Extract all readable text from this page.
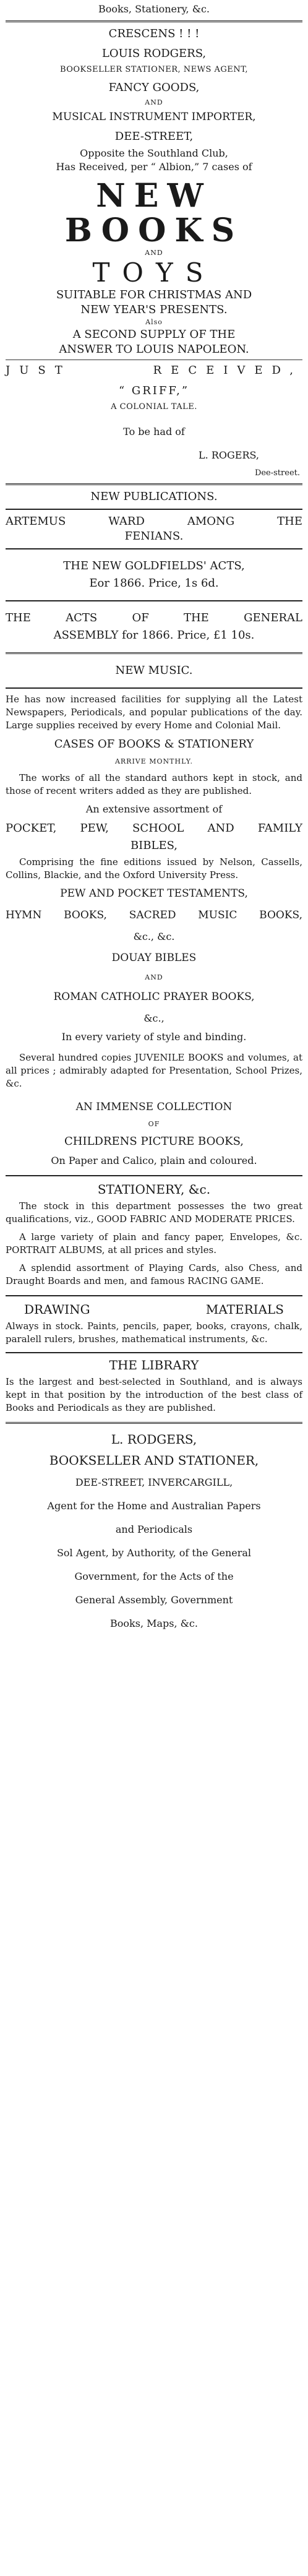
Books, Stationery, &c.
CRESCENS ! ! !
LOUIS RODGERS,
BOOKSELLER STATIONER, NEWS AGENT,
FANCY GOODS,
AND
MUSICAL INSTRUMENT IMPORTER,
DEE-STREET,
Opposite the Southland Club,
Has Received, per “ Albion,” 7 cases of
NEW BOOKS
AND
TOYS
SUITABLE FOR CHRISTMAS AND
NEW YEAR'S PRESENTS.
Also
A SECOND SUPPLY OF THE
ANSWER TO LOUIS NAPOLEON.
JUST RECEIVED,
“ GRIFF,”
A COLONIAL TALE.
To be had of
L. ROGERS,
Dee-street.
NEW PUBLICATIONS.
ARTEMUS WARD AMONG THE
FENIANS.
THE NEW GOLDFIELDS' ACTS,
Eor 1866. Price, 1s 6d.
THE ACTS OF THE GENERAL
ASSEMBLY for 1866. Price, £1 10s.
NEW MUSIC.

He has now increased facilities for supplying all the Latest Newspapers, Periodicals, and popular publications of the day. Large supplies received by every Home and Colonial Mail.

CASES OF BOOKS & STATIONERY
ARRIVE MONTHLY.

The works of all the standard authors kept in stock, and those of recent writers added as they are published.

An extensive assortment of
POCKET, PEW, SCHOOL AND FAMILY
BIBLES,

Comprising the fine editions issued by Nelson, Cassells, Collins, Blackie, and the Oxford University Press.

PEW AND POCKET TESTAMENTS,
HYMN BOOKS, SACRED MUSIC BOOKS,
&c., &c.
DOUAY BIBLES
AND
ROMAN CATHOLIC PRAYER BOOKS,
&c.,
In every variety of style and binding.

Several hundred copies JUVENILE BOOKS and volumes, at all prices ; admirably adapted for Presentation, School Prizes, &c.

AN IMMENSE COLLECTION
OF
CHILDRENS PICTURE BOOKS,
On Paper and Calico, plain and coloured.
STATIONERY, &c.

The stock in this department possesses the two great qualifications, viz., GOOD FABRIC AND MODERATE PRICES.

A large variety of plain and fancy paper, Envelopes, &c. PORTRAIT ALBUMS, at all prices and styles.

A splendid assortment of Playing Cards, also Chess, and Draught Boards and men, and famous RACING GAME.

DRAWING MATERIALS

Always in stock. Paints, pencils, paper, books, crayons, chalk, paralell rulers, brushes, mathematical instruments, &c.

THE LIBRARY

Is the largest and best-selected in Southland, and is always kept in that position by the introduction of the best class of Books and Periodicals as they are published.

L. RODGERS,
BOOKSELLER AND STATIONER,
DEE-STREET, INVERCARGILL,
Agent for the Home and Australian Papers
and Periodicals
Sol Agent, by Authority, of the General
Government, for the Acts of the
General Assembly, Government
Books, Maps, &c.
